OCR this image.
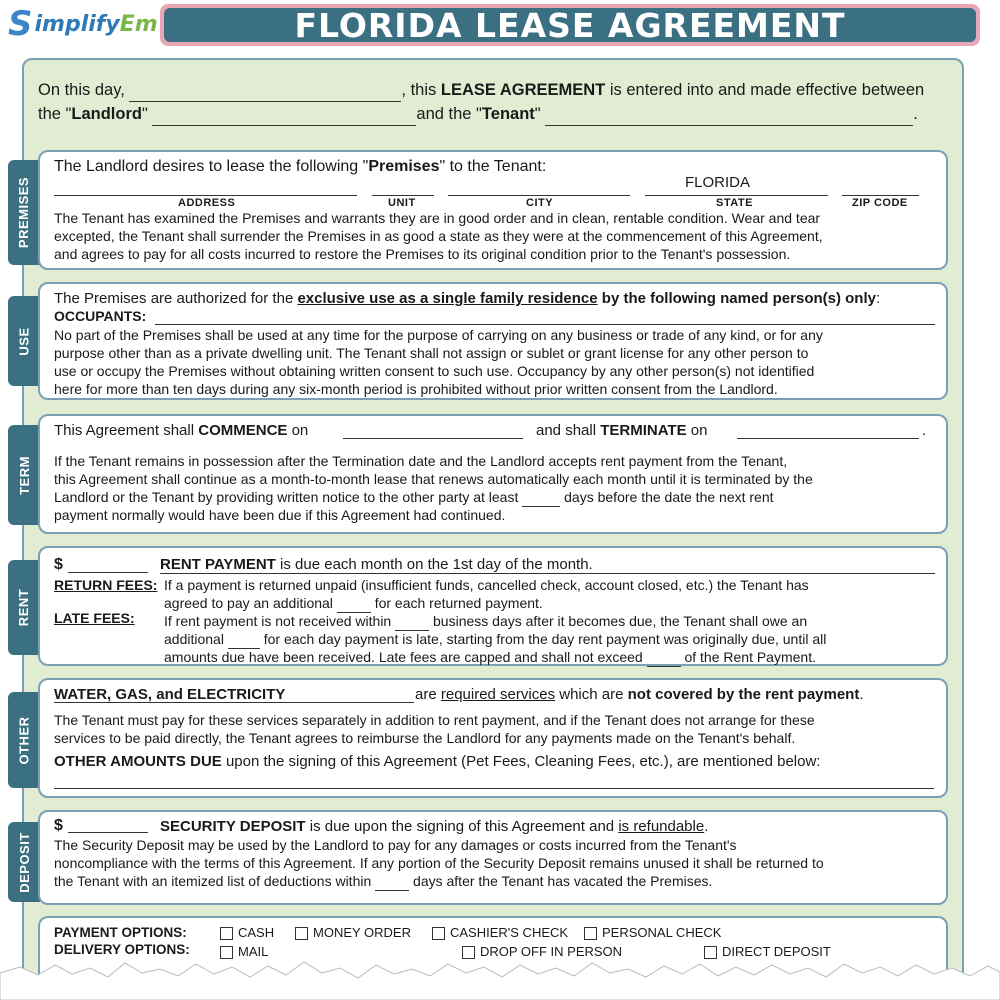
S implifyEm	FLORIDA LEASE AGREEMENT
On this day,	, this LEASE AGREEMENT is entered into and made effective between
the "Landlord"	and the "Tenant"	.
PREMISES
The Landlord desires to lease the following "Premises" to the Tenant:
FLORIDA
ADDRESS	UNIT	CITY	STATE	ZIP CODE
The Tenant has examined the Premises and warrants they are in good order and in clean, rentable condition. Wear and tear
excepted, the Tenant shall surrender the Premises in as good a state as they were at the commencement of this Agreement,
and agrees to pay for all costs incurred to restore the Premises to its original condition prior to the Tenant's possession.
USE
The Premises are authorized for the exclusive use as a single family residence by the following named person(s) only:
OCCUPANTS:
No part of the Premises shall be used at any time for the purpose of carrying on any business or trade of any kind, or for any
purpose other than as a private dwelling unit. The Tenant shall not assign or sublet or grant license for any other person to
use or occupy the Premises without obtaining written consent to such use. Occupancy by any other person(s) not identified
here for more than ten days during any six-month period is prohibited without prior written consent from the Landlord.
TERM
This Agreement shall COMMENCE on	and shall TERMINATE on	.
If the Tenant remains in possession after the Termination date and the Landlord accepts rent payment from the Tenant,
this Agreement shall continue as a month-to-month lease that renews automatically each month until it is terminated by the
Landlord or the Tenant by providing written notice to the other party at least	days before the date the next rent
payment normally would have been due if this Agreement had continued.
RENT
$	RENT PAYMENT is due each month on the 1st day of the month.
RETURN FEES: If a payment is returned unpaid (insufficient funds, cancelled check, account closed, etc.) the Tenant has
agreed to pay an additional	for each returned payment.
LATE FEES: If rent payment is not received within	business days after it becomes due, the Tenant shall owe an
additional	for each day payment is late, starting from the day rent payment was originally due, until all
amounts due have been received. Late fees are capped and shall not exceed	of the Rent Payment.
OTHER
WATER, GAS, and ELECTRICITY	are required services which are not covered by the rent payment.
The Tenant must pay for these services separately in addition to rent payment, and if the Tenant does not arrange for these
services to be paid directly, the Tenant agrees to reimburse the Landlord for any payments made on the Tenant's behalf.
OTHER AMOUNTS DUE upon the signing of this Agreement (Pet Fees, Cleaning Fees, etc.), are mentioned below:
DEPOSIT
$	SECURITY DEPOSIT is due upon the signing of this Agreement and is refundable.
The Security Deposit may be used by the Landlord to pay for any damages or costs incurred from the Tenant's
noncompliance with the terms of this Agreement. If any portion of the Security Deposit remains unused it shall be returned to
the Tenant with an itemized list of deductions within	days after the Tenant has vacated the Premises.
PAYMENT OPTIONS:	CASH	MONEY ORDER	CASHIER'S CHECK	PERSONAL CHECK
DELIVERY OPTIONS:	MAIL	DROP OFF IN PERSON	DIRECT DEPOSIT
